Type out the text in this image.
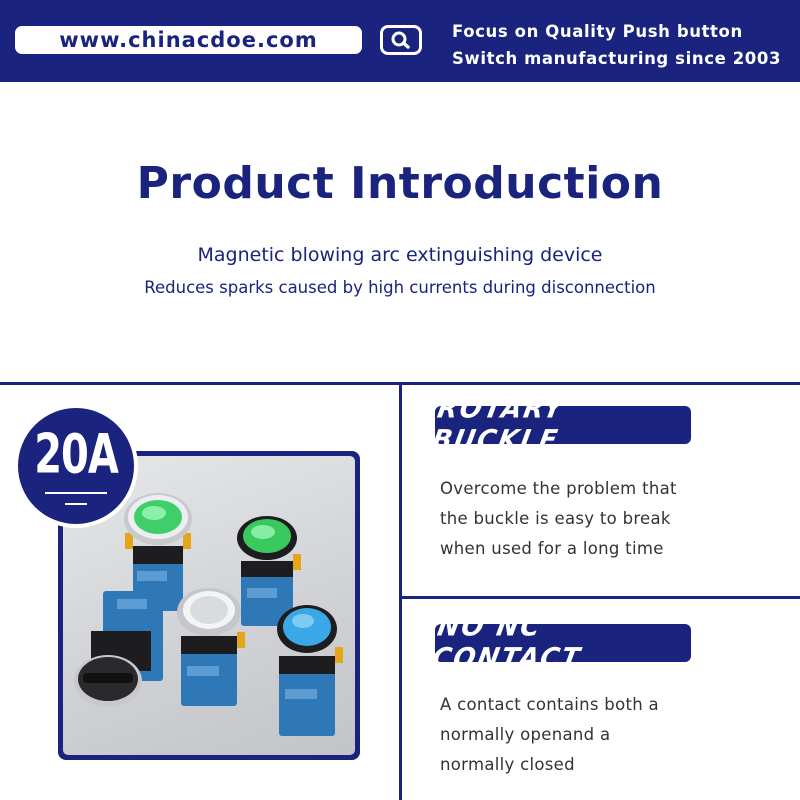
www.chinacdoe.com	Focus on Quality Push button
Switch manufacturing since 2003
Product Introduction
Magnetic blowing arc extinguishing device
Reduces sparks caused by high currents during disconnection
20A
ROTARY BUCKLE
Overcome the problem that
the buckle is easy to break
when used for a long time
NO NC CONTACT
A contact contains both a
normally openand a
normally closed
